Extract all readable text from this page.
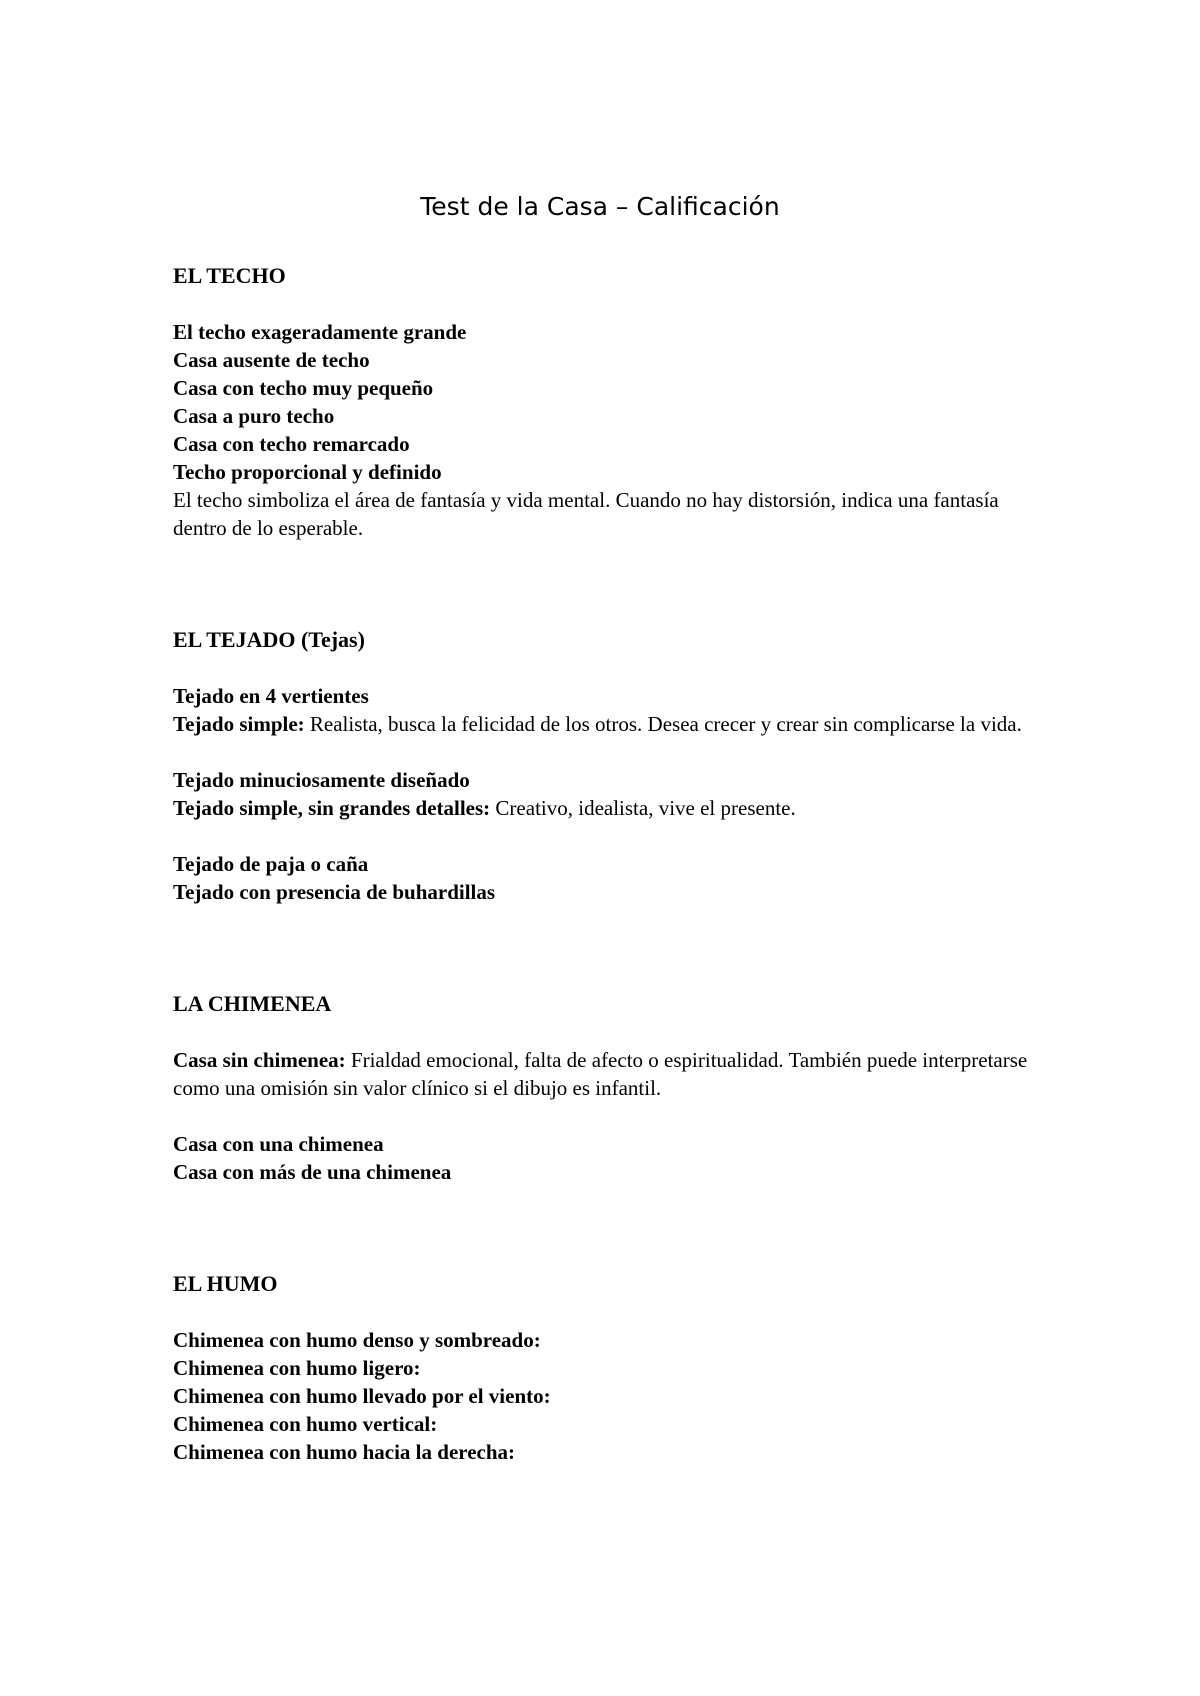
Test de la Casa – Calificación

EL TECHO

El techo exageradamente grande

Casa ausente de techo

Casa con techo muy pequeño

Casa a puro techo

Casa con techo remarcado

Techo proporcional y definido

El techo simboliza el área de fantasía y vida mental. Cuando no hay distorsión, indica una fantasía dentro de lo esperable.

EL TEJADO (Tejas)

Tejado en 4 vertientes

Tejado simple: Realista, busca la felicidad de los otros. Desea crecer y crear sin complicarse la vida.

Tejado minuciosamente diseñado

Tejado simple, sin grandes detalles: Creativo, idealista, vive el presente.

Tejado de paja o caña

Tejado con presencia de buhardillas

LA CHIMENEA

Casa sin chimenea: Frialdad emocional, falta de afecto o espiritualidad. También puede interpretarse como una omisión sin valor clínico si el dibujo es infantil.

Casa con una chimenea

Casa con más de una chimenea

EL HUMO

Chimenea con humo denso y sombreado:

Chimenea con humo ligero:

Chimenea con humo llevado por el viento:

Chimenea con humo vertical:

Chimenea con humo hacia la derecha:
